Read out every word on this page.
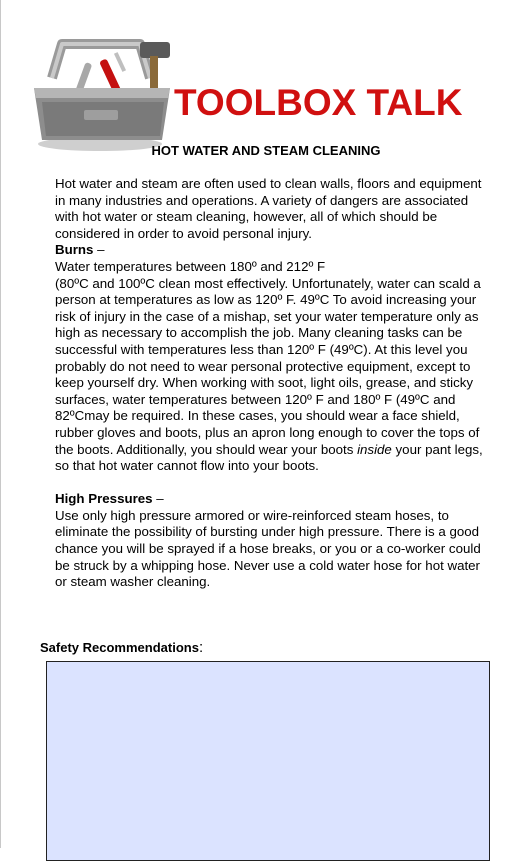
TOOLBOX TALK
HOT WATER AND STEAM CLEANING

Hot water and steam are often used to clean walls, floors and equipment in many industries and operations. A variety of dangers are associated with hot water or steam cleaning, however, all of which should be considered in order to avoid personal injury.

Burns –

Water temperatures between 180º and 212º F

(80ºC and 100ºC clean most effectively. Unfortunately, water can scald a person at temperatures as low as 120º F. 49ºC To avoid increasing your risk of injury in the case of a mishap, set your water temperature only as high as necessary to accomplish the job. Many cleaning tasks can be successful with temperatures less than 120º F (49ºC). At this level you probably do not need to wear personal protective equipment, except to keep yourself dry. When working with soot, light oils, grease, and sticky surfaces, water temperatures between 120º F and 180º F (49ºC and 82ºCmay be required. In these cases, you should wear a face shield, rubber gloves and boots, plus an apron long enough to cover the tops of the boots. Additionally, you should wear your boots inside your pant legs, so that hot water cannot flow into your boots.

High Pressures –

Use only high pressure armored or wire-reinforced steam hoses, to eliminate the possibility of bursting under high pressure. There is a good chance you will be sprayed if a hose breaks, or you or a co-worker could be struck by a whipping hose. Never use a cold water hose for hot water or steam washer cleaning.

Safety Recommendations:
